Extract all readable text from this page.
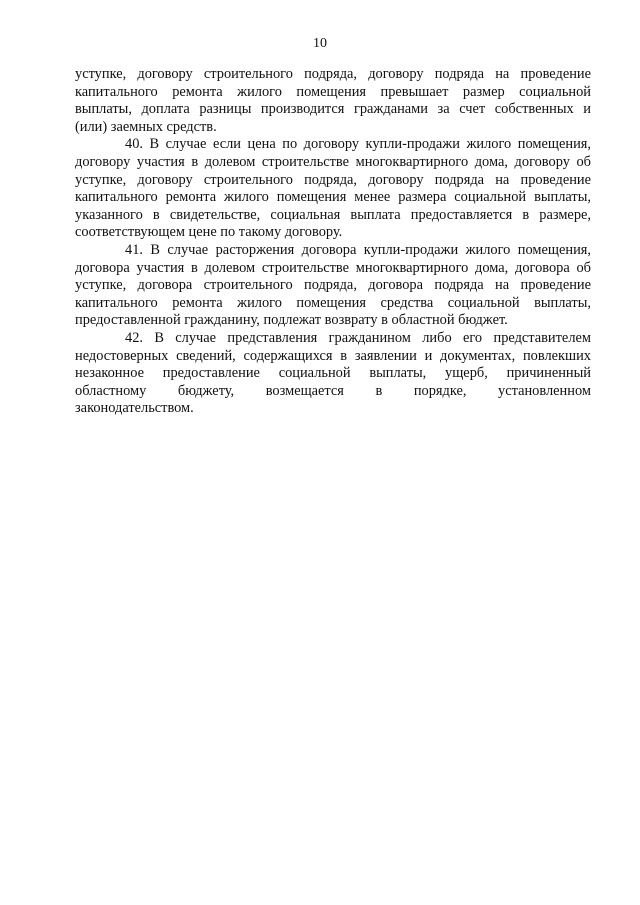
10
уступке, договору строительного подряда, договору подряда на проведение
капитального ремонта жилого помещения превышает размер социальной
выплаты, доплата разницы производится гражданами за счет собственных и
(или) заемных средств.
40. В случае если цена по договору купли-продажи жилого помещения,
договору участия в долевом строительстве многоквартирного дома, договору об
уступке, договору строительного подряда, договору подряда на проведение
капитального ремонта жилого помещения менее размера социальной выплаты,
указанного в свидетельстве, социальная выплата предоставляется в размере,
соответствующем цене по такому договору.
41. В случае расторжения договора купли-продажи жилого помещения,
договора участия в долевом строительстве многоквартирного дома, договора об
уступке, договора строительного подряда, договора подряда на проведение
капитального ремонта жилого помещения средства социальной выплаты,
предоставленной гражданину, подлежат возврату в областной бюджет.
42. В случае представления гражданином либо его представителем
недостоверных сведений, содержащихся в заявлении и документах, повлекших
незаконное предоставление социальной выплаты, ущерб, причиненный
областному бюджету, возмещается в порядке, установленном
законодательством.
